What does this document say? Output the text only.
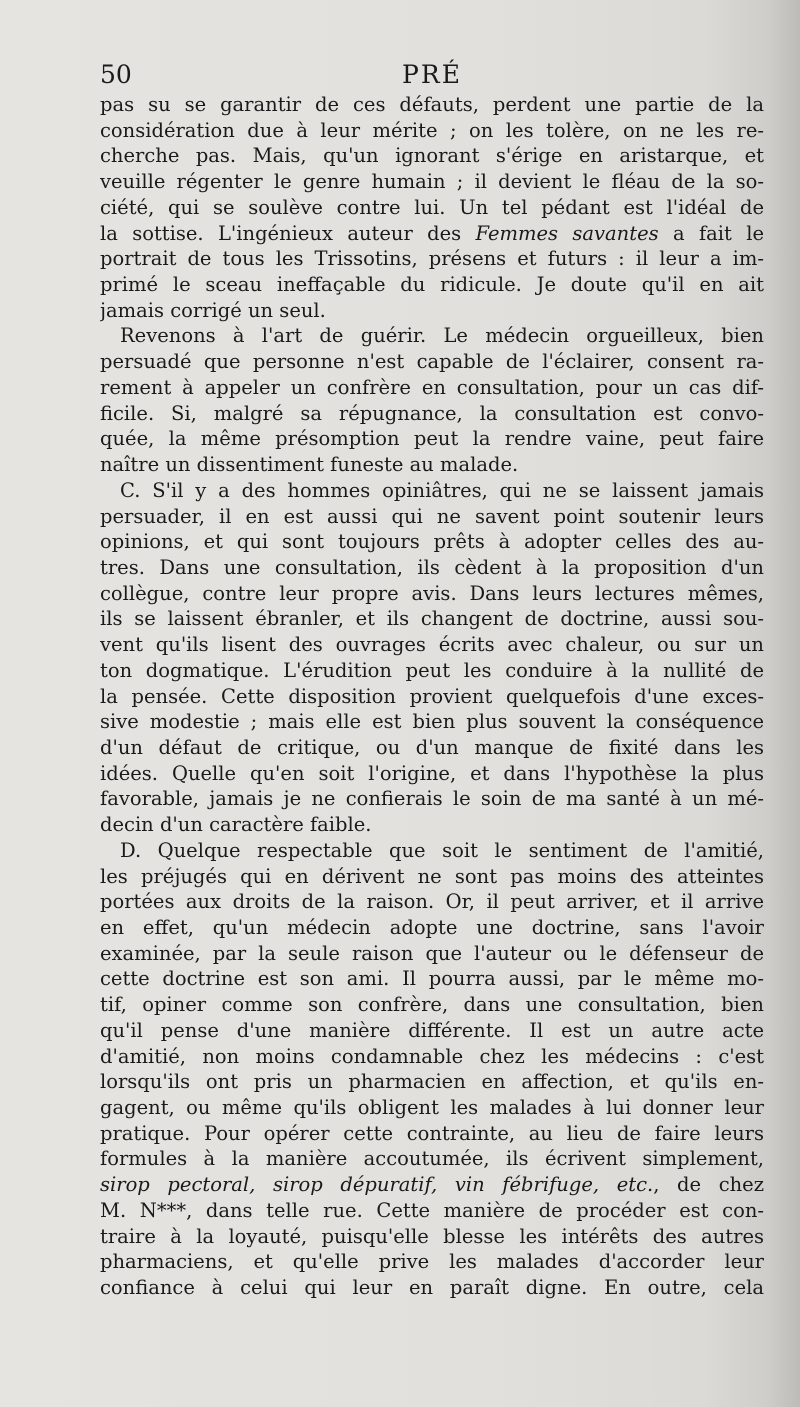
50	PRÉ
pas su se garantir de ces défauts, perdent une partie de la
considération due à leur mérite ; on les tolère, on ne les re-
cherche pas. Mais, qu'un ignorant s'érige en aristarque, et
veuille régenter le genre humain ; il devient le fléau de la so-
ciété, qui se soulève contre lui. Un tel pédant est l'idéal de
la sottise. L'ingénieux auteur des Femmes savantes a fait le
portrait de tous les Trissotins, présens et futurs : il leur a im-
primé le sceau ineffaçable du ridicule. Je doute qu'il en ait
jamais corrigé un seul.
Revenons à l'art de guérir. Le médecin orgueilleux, bien
persuadé que personne n'est capable de l'éclairer, consent ra-
rement à appeler un confrère en consultation, pour un cas dif-
ficile. Si, malgré sa répugnance, la consultation est convo-
quée, la même présomption peut la rendre vaine, peut faire
naître un dissentiment funeste au malade.
C. S'il y a des hommes opiniâtres, qui ne se laissent jamais
persuader, il en est aussi qui ne savent point soutenir leurs
opinions, et qui sont toujours prêts à adopter celles des au-
tres. Dans une consultation, ils cèdent à la proposition d'un
collègue, contre leur propre avis. Dans leurs lectures mêmes,
ils se laissent ébranler, et ils changent de doctrine, aussi sou-
vent qu'ils lisent des ouvrages écrits avec chaleur, ou sur un
ton dogmatique. L'érudition peut les conduire à la nullité de
la pensée. Cette disposition provient quelquefois d'une exces-
sive modestie ; mais elle est bien plus souvent la conséquence
d'un défaut de critique, ou d'un manque de fixité dans les
idées. Quelle qu'en soit l'origine, et dans l'hypothèse la plus
favorable, jamais je ne confierais le soin de ma santé à un mé-
decin d'un caractère faible.
D. Quelque respectable que soit le sentiment de l'amitié,
les préjugés qui en dérivent ne sont pas moins des atteintes
portées aux droits de la raison. Or, il peut arriver, et il arrive
en effet, qu'un médecin adopte une doctrine, sans l'avoir
examinée, par la seule raison que l'auteur ou le défenseur de
cette doctrine est son ami. Il pourra aussi, par le même mo-
tif, opiner comme son confrère, dans une consultation, bien
qu'il pense d'une manière différente. Il est un autre acte
d'amitié, non moins condamnable chez les médecins : c'est
lorsqu'ils ont pris un pharmacien en affection, et qu'ils en-
gagent, ou même qu'ils obligent les malades à lui donner leur
pratique. Pour opérer cette contrainte, au lieu de faire leurs
formules à la manière accoutumée, ils écrivent simplement,
sirop pectoral, sirop dépuratif, vin fébrifuge, etc., de chez
M. N***, dans telle rue. Cette manière de procéder est con-
traire à la loyauté, puisqu'elle blesse les intérêts des autres
pharmaciens, et qu'elle prive les malades d'accorder leur
confiance à celui qui leur en paraît digne. En outre, cela
